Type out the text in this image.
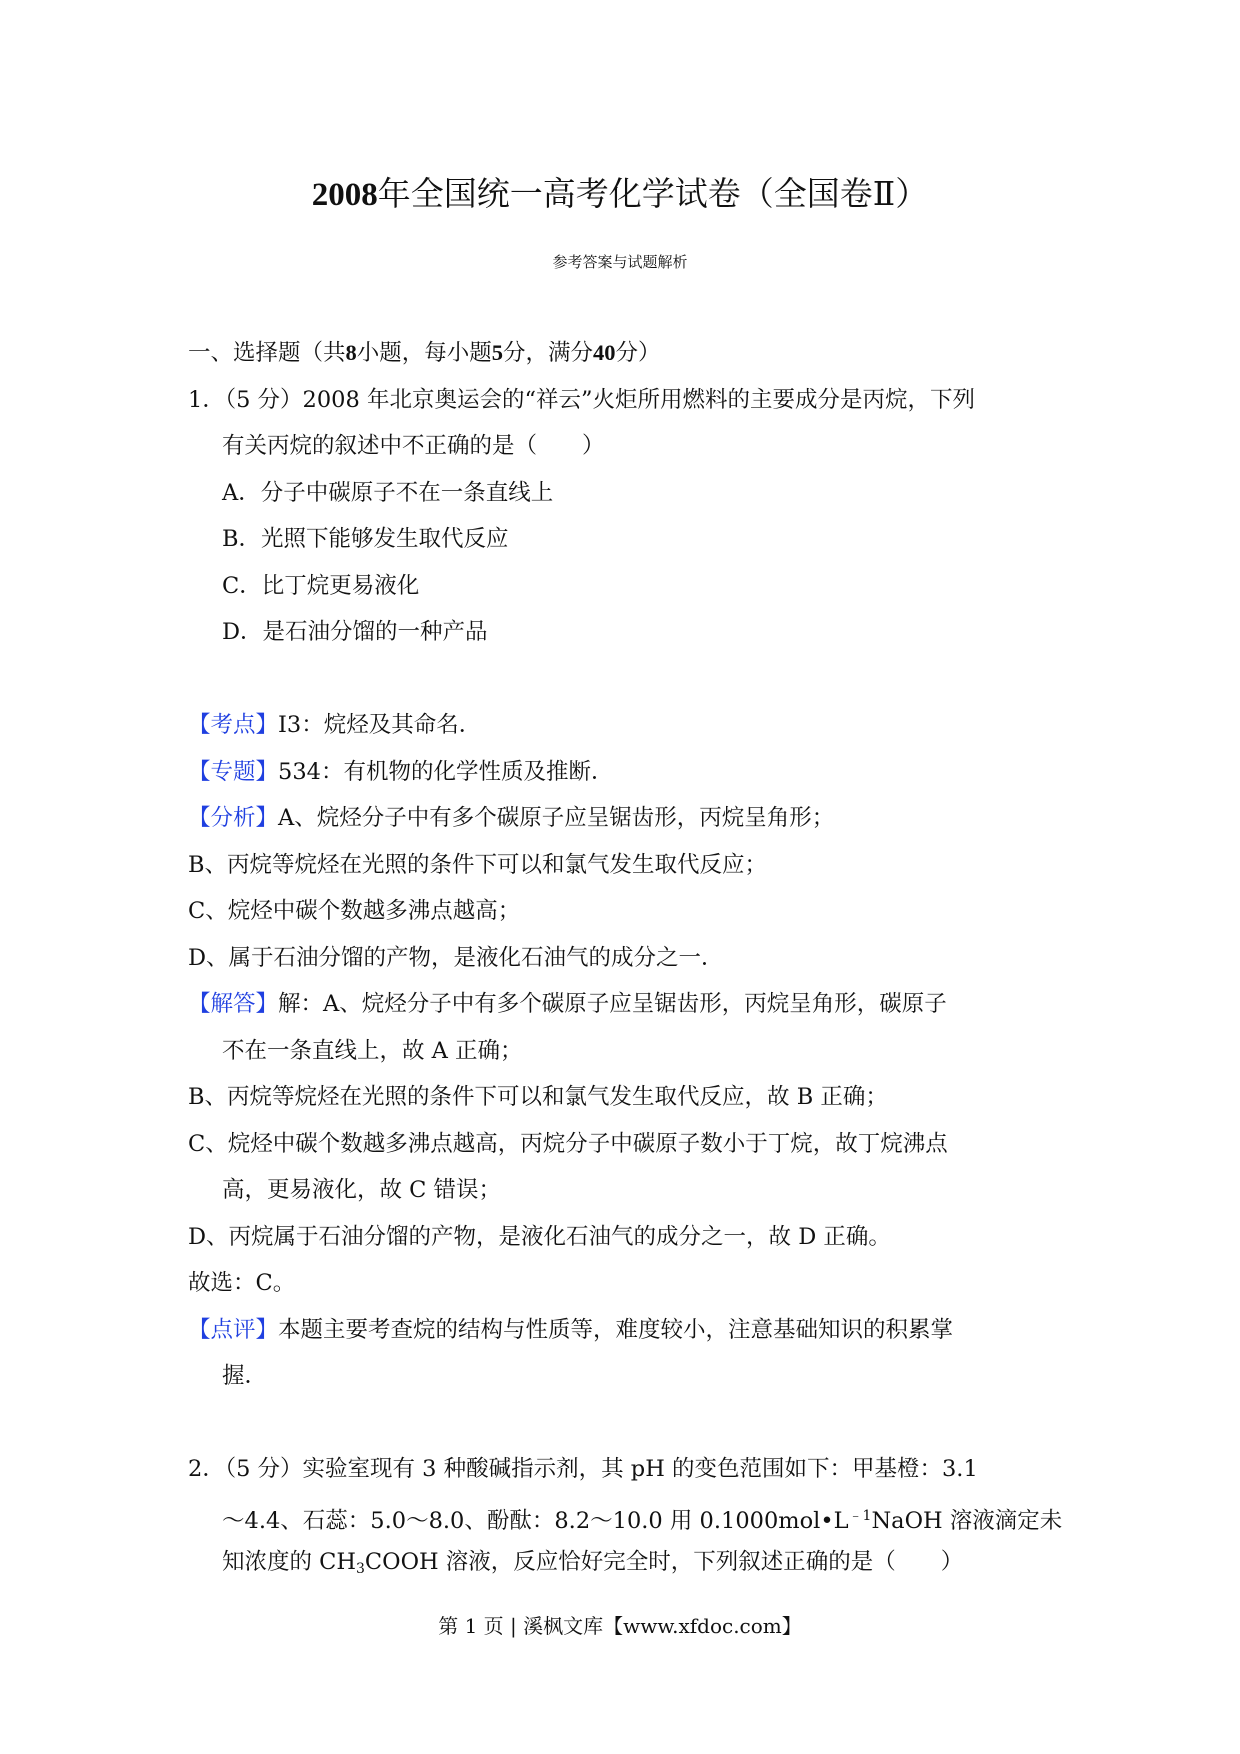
2008年全国统一高考化学试卷（全国卷Ⅱ）
参考答案与试题解析
一、选择题（共8小题，每小题5分，满分40分）
1．（5 分）2008 年北京奥运会的“祥云”火炬所用燃料的主要成分是丙烷，下列
有关丙烷的叙述中不正确的是（　　）
A．分子中碳原子不在一条直线上
B．光照下能够发生取代反应
C．比丁烷更易液化
D．是石油分馏的一种产品
【考点】I3：烷烃及其命名．
【专题】534：有机物的化学性质及推断．
【分析】A、烷烃分子中有多个碳原子应呈锯齿形，丙烷呈角形；
B、丙烷等烷烃在光照的条件下可以和氯气发生取代反应；
C、烷烃中碳个数越多沸点越高；
D、属于石油分馏的产物，是液化石油气的成分之一．
【解答】解：A、烷烃分子中有多个碳原子应呈锯齿形，丙烷呈角形，碳原子
不在一条直线上，故 A 正确；
B、丙烷等烷烃在光照的条件下可以和氯气发生取代反应，故 B 正确；
C、烷烃中碳个数越多沸点越高，丙烷分子中碳原子数小于丁烷，故丁烷沸点
高，更易液化，故 C 错误；
D、丙烷属于石油分馏的产物，是液化石油气的成分之一，故 D 正确。
故选：C。
【点评】本题主要考查烷的结构与性质等，难度较小，注意基础知识的积累掌
握．
2．（5 分）实验室现有 3 种酸碱指示剂，其 pH 的变色范围如下：甲基橙：3.1
～4.4、石蕊：5.0～8.0、酚酞：8.2～10.0 用 $0.1000mol•L^{﹣1}NaOH$ 溶液滴定未
知浓度的 $CH_3COOH$ 溶液，反应恰好完全时，下列叙述正确的是（　　）
第 1 页 | 溪枫文库【www.xfdoc.com】
